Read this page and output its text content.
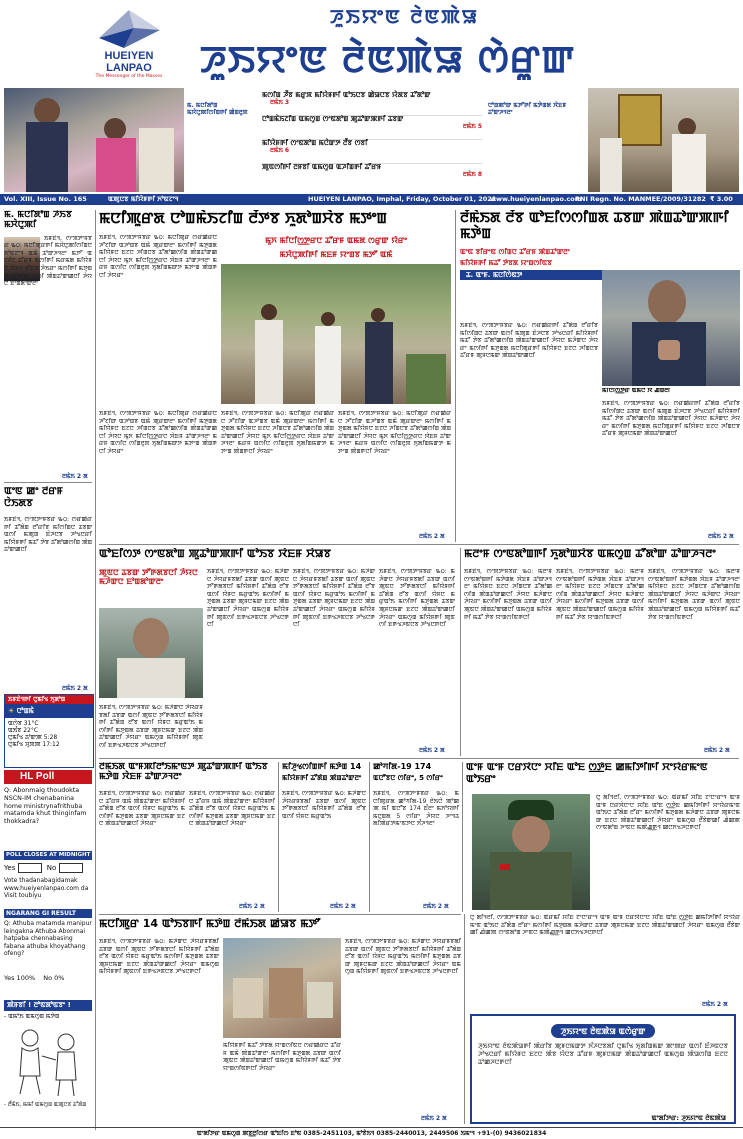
HUEIYEN LANPAO
The Messenger of the Masses
ꯍꯨꯏꯌꯦꯟ ꯂꯥꯟꯄꯥꯎ
ꯍꯨꯏꯌꯦꯟ ꯂꯥꯟꯄꯥꯎ ꯁꯥꯔꯨꯛ
ꯃ. ꯃꯅꯤꯗꯣꯡ ꯃꯆꯥꯅꯨꯄꯤꯁꯤꯡꯒꯤ ꯀꯥꯡꯂꯨꯞ
ꯃꯁꯤꯡ ꯍꯩꯕ ꯃꯔꯨꯞ ꯃꯤꯌꯥꯝꯒꯤ ꯑꯣꯏꯅꯕ ꯀꯥꯎꯅꯕ ꯌꯥꯗꯕ ꯊꯧꯗꯣꯛ
ꯂꯃꯥꯏ 3
ꯅꯣꯡꯃꯥꯏꯖꯤꯡ ꯑꯃꯁꯨꯡ ꯁꯦꯟꯗꯣꯡ ꯄꯨꯊꯣꯛꯄꯒꯤ ꯊꯕꯛ
ꯂꯃꯥꯏ 5
ꯃꯤꯌꯥꯝꯒꯤ ꯁꯦꯟꯗꯣꯡ ꯃꯅꯥꯛꯇ ꯂꯩꯕ ꯁꯕꯤ
ꯂꯃꯥꯏ 6
ꯄꯨꯟꯁꯤꯒꯤ ꯂꯝꯕꯤ ꯑꯃꯁꯨꯡ ꯑꯍꯤꯡꯒꯤ ꯊꯧꯔꯝ
ꯂꯃꯥꯏ 8
ꯅꯣꯡꯄꯣꯛ ꯃꯇꯧꯒꯤ ꯃꯇꯥꯡꯗ ꯋꯥꯐꯝ ꯊꯣꯛꯍꯜꯂꯦ
Vol. XIII, Issue No. 165	ꯑꯄꯨꯅꯕ ꯃꯤꯌꯥꯝꯒꯤ ꯈꯣꯟꯖꯦꯜ	HUEIYEN LANPAO, Imphal, Friday, October 01, 2021
www.hueiyenlanpao.com
RNI Regn. No. MANMEE/2009/31282 ₹ 3.00
ꯃ. ꯃꯅꯤꯗꯣꯡ ꯍꯥꯏꯕ ꯃꯆꯥꯅꯨꯄꯤ
ꯏꯝꯐꯥꯜ, ꯁꯦꯞꯇꯦꯝꯕꯔ ꯳꯰: ꯃꯅꯤꯄꯨꯔꯒꯤ ꯃꯆꯥꯅꯨꯄꯤꯁꯤꯡꯅ ꯈꯣꯟꯖꯦꯜ ꯑꯃꯥ ꯊꯣꯛꯍꯜꯂꯦ ꯃꯇꯧ ꯑꯁꯤꯅ ꯊꯧꯔꯝ ꯑꯁꯤꯒꯤ ꯃꯔꯃꯗ ꯃꯤꯌꯥꯝꯅ ꯋꯥꯈꯜ ꯂꯧꯅꯕ ꯍꯥꯏꯔꯦ ꯃꯁꯤꯒꯤ ꯃꯇꯨꯡꯗ ꯊꯧꯗꯣꯛ ꯑꯁꯤ ꯄꯥꯡꯊꯣꯛꯀꯅꯤ ꯍꯥꯌꯅ ꯐꯣꯡꯗꯣꯛꯂꯦ
ꯂꯃꯥꯏ 2 ꯗ
ꯑꯦꯟ ꯀꯦ ꯂꯩꯔꯝ ꯅꯥꯏꯗꯕ
ꯏꯝꯐꯥꯜ, ꯁꯦꯞꯇꯦꯝꯕꯔ ꯳꯰: ꯁꯔꯀꯥꯔꯒꯤ ꯊꯧꯗꯥꯡ ꯂꯧꯔꯤꯕ ꯃꯤꯁꯤꯡꯅ ꯊꯕꯛ ꯑꯁꯤ ꯃꯄꯨꯡ ꯐꯥꯍꯅꯕ ꯍꯣꯠꯅꯔꯤ ꯃꯤꯌꯥꯝꯒꯤ ꯃꯊꯧ ꯇꯥꯕ ꯊꯧꯗꯣꯀꯁꯤꯡ ꯄꯥꯡꯊꯣꯛꯀꯅꯤ
ꯂꯃꯥꯏ 2 ꯗ
ꯏꯝꯐꯥꯜꯒꯤ ꯅꯨꯃꯤꯠ ꯈꯨꯗꯣꯡ
☀ ꯅꯣꯡꯃꯥ
ꯑꯁꯥꯕ 31°C
ꯑꯏꯪꯕ 22°C
ꯅꯨꯃꯤꯠ ꯊꯣꯛꯄ 5:28
ꯅꯨꯃꯤꯠ ꯆꯨꯞꯄ 17:12
HL Poll
Q: Abonmaig thoudokta NSCN-IM chenabanina home ministrynafrithuba matamda khut thinginfam thokkadra?
POLL CLOSES AT MIDNIGHT
Yes	No
Vote thadanabagidamak www.hueiyenlanpao.com da Visit toubiyu
NGARANG GI RESULT
Q: Athuba matamda manipur leingakna Athuba Abonmai hatpaba chennabasing fabana athuba khoyathang ofeng?
Yes 100% No 0%
ꯄꯥꯝꯕꯤ ! ꯂꯣꯟꯗꯣꯟꯕꯦ !
- ꯑꯃꯣꯏ ꯑꯃꯁꯨꯡ ꯃꯇꯥꯡ
- ꯂꯩꯃꯥꯏ, ꯃꯃꯤ ꯑꯃꯁꯨꯡ ꯑꯄꯨꯅꯕ ꯊꯧꯗꯥꯡ
ꯃꯅꯤꯄꯨꯔꯗ ꯅꯣꯡꯃꯥꯏꯖꯤꯡ ꯂꯩꯇꯕ ꯈꯨꯗꯣꯡꯆꯥꯕ ꯃꯇꯦꯡ
ꯏꯝꯐꯥꯜ, ꯁꯦꯞꯇꯦꯝꯕꯔ ꯳꯰: ꯃꯅꯤꯄꯨꯔ ꯁꯔꯀꯥꯔꯅ ꯍꯧꯖꯤꯛ ꯑꯍꯣꯡꯕ ꯑꯃꯥ ꯄꯨꯔꯛꯂꯦ ꯃꯁꯤꯒꯤ ꯃꯇꯨꯡꯗ ꯃꯤꯌꯥꯝꯅ ꯐꯖꯅ ꯍꯤꯡꯅꯕ ꯊꯧꯗꯣꯀꯁꯤꯡ ꯄꯥꯡꯊꯣꯛꯀꯅꯤ ꯍꯥꯌꯅ ꯃꯨꯈ ꯃꯤꯅꯤꯁ꯭ꯇꯔꯅ ꯋꯥꯐꯝ ꯊꯣꯛꯍꯜꯂꯦ ꯃꯔꯝ ꯑꯁꯤꯅ ꯁꯤꯡꯂꯨꯞ ꯈꯨꯗꯤꯡꯃꯛꯇ ꯃꯇꯦꯡ ꯄꯥꯡꯒꯅꯤ ꯍꯥꯌꯔꯦ
ꯃꯨꯈ ꯃꯤꯅꯤꯁ꯭ꯇꯔꯅ ꯊꯧꯔꯝ ꯑꯃꯗ ꯁꯔꯨꯛ ꯌꯥꯔꯦ
ꯃꯆꯥꯅꯨꯄꯤꯒꯤ ꯃꯐꯝ ꯌꯦꯡꯕ ꯃꯇꯧ ꯑꯃꯥ
ꯏꯝꯐꯥꯜ, ꯁꯦꯞꯇꯦꯝꯕꯔ ꯳꯰: ꯃꯅꯤꯄꯨꯔ ꯁꯔꯀꯥꯔꯅ ꯍꯧꯖꯤꯛ ꯑꯍꯣꯡꯕ ꯑꯃꯥ ꯄꯨꯔꯛꯂꯦ ꯃꯁꯤꯒꯤ ꯃꯇꯨꯡꯗ ꯃꯤꯌꯥꯝꯅ ꯐꯖꯅ ꯍꯤꯡꯅꯕ ꯊꯧꯗꯣꯀꯁꯤꯡ ꯄꯥꯡꯊꯣꯛꯀꯅꯤ ꯍꯥꯌꯅ ꯃꯨꯈ ꯃꯤꯅꯤꯁ꯭ꯇꯔꯅ ꯋꯥꯐꯝ ꯊꯣꯛꯍꯜꯂꯦ ꯃꯔꯝ ꯑꯁꯤꯅ ꯁꯤꯡꯂꯨꯞ ꯈꯨꯗꯤꯡꯃꯛꯇ ꯃꯇꯦꯡ ꯄꯥꯡꯒꯅꯤ ꯍꯥꯌꯔꯦ
ꯏꯝꯐꯥꯜ, ꯁꯦꯞꯇꯦꯝꯕꯔ ꯳꯰: ꯃꯅꯤꯄꯨꯔ ꯁꯔꯀꯥꯔꯅ ꯍꯧꯖꯤꯛ ꯑꯍꯣꯡꯕ ꯑꯃꯥ ꯄꯨꯔꯛꯂꯦ ꯃꯁꯤꯒꯤ ꯃꯇꯨꯡꯗ ꯃꯤꯌꯥꯝꯅ ꯐꯖꯅ ꯍꯤꯡꯅꯕ ꯊꯧꯗꯣꯀꯁꯤꯡ ꯄꯥꯡꯊꯣꯛꯀꯅꯤ ꯍꯥꯌꯅ ꯃꯨꯈ ꯃꯤꯅꯤꯁ꯭ꯇꯔꯅ ꯋꯥꯐꯝ ꯊꯣꯛꯍꯜꯂꯦ ꯃꯔꯝ ꯑꯁꯤꯅ ꯁꯤꯡꯂꯨꯞ ꯈꯨꯗꯤꯡꯃꯛꯇ ꯃꯇꯦꯡ ꯄꯥꯡꯒꯅꯤ ꯍꯥꯌꯔꯦ
ꯏꯝꯐꯥꯜ, ꯁꯦꯞꯇꯦꯝꯕꯔ ꯳꯰: ꯃꯅꯤꯄꯨꯔ ꯁꯔꯀꯥꯔꯅ ꯍꯧꯖꯤꯛ ꯑꯍꯣꯡꯕ ꯑꯃꯥ ꯄꯨꯔꯛꯂꯦ ꯃꯁꯤꯒꯤ ꯃꯇꯨꯡꯗ ꯃꯤꯌꯥꯝꯅ ꯐꯖꯅ ꯍꯤꯡꯅꯕ ꯊꯧꯗꯣꯀꯁꯤꯡ ꯄꯥꯡꯊꯣꯛꯀꯅꯤ ꯍꯥꯌꯅ ꯃꯨꯈ ꯃꯤꯅꯤꯁ꯭ꯇꯔꯅ ꯋꯥꯐꯝ ꯊꯣꯛꯍꯜꯂꯦ ꯃꯔꯝ ꯑꯁꯤꯅ ꯁꯤꯡꯂꯨꯞ ꯈꯨꯗꯤꯡꯃꯛꯇ ꯃꯇꯦꯡ ꯄꯥꯡꯒꯅꯤ ꯍꯥꯌꯔꯦ
ꯂꯃꯥꯏ 2 ꯗ
ꯂꯩꯃꯥꯏꯗ ꯂꯩꯕ ꯑꯣꯐꯤꯁꯁꯤꯡꯗ ꯊꯕꯛ ꯄꯥꯡꯊꯣꯛꯄꯒꯤ ꯃꯇꯥꯡ
ꯑꯦꯟ ꯕꯤꯔꯦꯟ ꯁꯤꯡꯅ ꯊꯧꯔꯝ ꯄꯥꯡꯊꯣꯛꯂꯦ
ꯃꯤꯌꯥꯝꯒꯤ ꯃꯊꯧ ꯇꯥꯕꯗ ꯌꯦꯡꯁꯤꯟꯕ
ꯊ. ꯑꯦꯝ. ꯃꯅꯤꯁꯥꯟꯇ
ꯏꯝꯐꯥꯜ, ꯁꯦꯞꯇꯦꯝꯕꯔ ꯳꯰: ꯁꯔꯀꯥꯔꯒꯤ ꯊꯧꯗꯥꯡ ꯂꯧꯔꯤꯕ ꯃꯤꯁꯤꯡꯅ ꯊꯕꯛ ꯑꯁꯤ ꯃꯄꯨꯡ ꯐꯥꯍꯅꯕ ꯍꯣꯠꯅꯔꯤ ꯃꯤꯌꯥꯝꯒꯤ ꯃꯊꯧ ꯇꯥꯕ ꯊꯧꯗꯣꯀꯁꯤꯡ ꯄꯥꯡꯊꯣꯛꯀꯅꯤ ꯍꯥꯌꯅ ꯃꯍꯥꯛꯅ ꯍꯥꯌꯔꯦ ꯃꯁꯤꯒꯤ ꯃꯇꯨꯡꯗ ꯃꯅꯤꯄꯨꯔꯒꯤ ꯃꯤꯌꯥꯝꯅ ꯐꯖꯅ ꯍꯤꯡꯅꯕ ꯊꯧꯔꯝ ꯄꯨꯝꯅꯃꯛ ꯄꯥꯡꯊꯣꯛꯀꯅꯤ
ꯃꯤꯅꯤꯁ꯭ꯇꯔ ꯑꯃꯅ ꯋꯥ ꯉꯥꯡꯂꯤ
ꯏꯝꯐꯥꯜ, ꯁꯦꯞꯇꯦꯝꯕꯔ ꯳꯰: ꯁꯔꯀꯥꯔꯒꯤ ꯊꯧꯗꯥꯡ ꯂꯧꯔꯤꯕ ꯃꯤꯁꯤꯡꯅ ꯊꯕꯛ ꯑꯁꯤ ꯃꯄꯨꯡ ꯐꯥꯍꯅꯕ ꯍꯣꯠꯅꯔꯤ ꯃꯤꯌꯥꯝꯒꯤ ꯃꯊꯧ ꯇꯥꯕ ꯊꯧꯗꯣꯀꯁꯤꯡ ꯄꯥꯡꯊꯣꯛꯀꯅꯤ ꯍꯥꯌꯅ ꯃꯍꯥꯛꯅ ꯍꯥꯌꯔꯦ ꯃꯁꯤꯒꯤ ꯃꯇꯨꯡꯗ ꯃꯅꯤꯄꯨꯔꯒꯤ ꯃꯤꯌꯥꯝꯅ ꯐꯖꯅ ꯍꯤꯡꯅꯕ ꯊꯧꯔꯝ ꯄꯨꯝꯅꯃꯛ ꯄꯥꯡꯊꯣꯛꯀꯅꯤ
ꯂꯃꯥꯏ 2 ꯗ
ꯑꯣꯐꯤꯁꯇ ꯁꯦꯟꯗꯣꯡ ꯄꯨꯊꯣꯛꯄꯒꯤ ꯑꯣꯏꯕ ꯋꯥꯐꯝ ꯆꯥꯎꯕ
ꯄꯨꯟꯅ ꯊꯕꯛ ꯇꯧꯒꯗꯕꯅꯤ ꯍꯥꯌꯅ ꯃꯍꯥꯛꯅ ꯐꯣꯡꯗꯣꯛꯂꯦ
ꯏꯝꯐꯥꯜ, ꯁꯦꯞꯇꯦꯝꯕꯔ ꯳꯰: ꯃꯍꯥꯛꯅ ꯍꯥꯌꯔꯝꯕꯗꯤ ꯊꯕꯛ ꯑꯁꯤ ꯄꯨꯟꯅ ꯇꯧꯒꯗꯕꯅꯤ ꯃꯤꯌꯥꯝꯒꯤ ꯊꯧꯗꯥꯡ ꯂꯧꯕ ꯑꯁꯤ ꯌꯥꯝꯅ ꯃꯔꯨꯑꯣꯏ ꯃꯁꯤꯒꯤ ꯃꯇꯨꯡꯗ ꯊꯕꯛ ꯄꯨꯝꯅꯃꯛ ꯐꯖꯅ ꯄꯥꯡꯊꯣꯛꯀꯅꯤ ꯍꯥꯌꯔꯦ ꯑꯃꯁꯨꯡ ꯃꯤꯌꯥꯝꯒꯤ ꯄꯨꯟꯁꯤ ꯐꯒꯠꯍꯟꯅꯕ ꯍꯣꯠꯅꯒꯅꯤ
ꯏꯝꯐꯥꯜ, ꯁꯦꯞꯇꯦꯝꯕꯔ ꯳꯰: ꯃꯍꯥꯛꯅ ꯍꯥꯌꯔꯝꯕꯗꯤ ꯊꯕꯛ ꯑꯁꯤ ꯄꯨꯟꯅ ꯇꯧꯒꯗꯕꯅꯤ ꯃꯤꯌꯥꯝꯒꯤ ꯊꯧꯗꯥꯡ ꯂꯧꯕ ꯑꯁꯤ ꯌꯥꯝꯅ ꯃꯔꯨꯑꯣꯏ ꯃꯁꯤꯒꯤ ꯃꯇꯨꯡꯗ ꯊꯕꯛ ꯄꯨꯝꯅꯃꯛ ꯐꯖꯅ ꯄꯥꯡꯊꯣꯛꯀꯅꯤ ꯍꯥꯌꯔꯦ ꯑꯃꯁꯨꯡ ꯃꯤꯌꯥꯝꯒꯤ ꯄꯨꯟꯁꯤ ꯐꯒꯠꯍꯟꯅꯕ ꯍꯣꯠꯅꯒꯅꯤ
ꯏꯝꯐꯥꯜ, ꯁꯦꯞꯇꯦꯝꯕꯔ ꯳꯰: ꯃꯍꯥꯛꯅ ꯍꯥꯌꯔꯝꯕꯗꯤ ꯊꯕꯛ ꯑꯁꯤ ꯄꯨꯟꯅ ꯇꯧꯒꯗꯕꯅꯤ ꯃꯤꯌꯥꯝꯒꯤ ꯊꯧꯗꯥꯡ ꯂꯧꯕ ꯑꯁꯤ ꯌꯥꯝꯅ ꯃꯔꯨꯑꯣꯏ ꯃꯁꯤꯒꯤ ꯃꯇꯨꯡꯗ ꯊꯕꯛ ꯄꯨꯝꯅꯃꯛ ꯐꯖꯅ ꯄꯥꯡꯊꯣꯛꯀꯅꯤ ꯍꯥꯌꯔꯦ ꯑꯃꯁꯨꯡ ꯃꯤꯌꯥꯝꯒꯤ ꯄꯨꯟꯁꯤ ꯐꯒꯠꯍꯟꯅꯕ ꯍꯣꯠꯅꯒꯅꯤ
ꯏꯝꯐꯥꯜ, ꯁꯦꯞꯇꯦꯝꯕꯔ ꯳꯰: ꯃꯍꯥꯛꯅ ꯍꯥꯌꯔꯝꯕꯗꯤ ꯊꯕꯛ ꯑꯁꯤ ꯄꯨꯟꯅ ꯇꯧꯒꯗꯕꯅꯤ ꯃꯤꯌꯥꯝꯒꯤ ꯊꯧꯗꯥꯡ ꯂꯧꯕ ꯑꯁꯤ ꯌꯥꯝꯅ ꯃꯔꯨꯑꯣꯏ ꯃꯁꯤꯒꯤ ꯃꯇꯨꯡꯗ ꯊꯕꯛ ꯄꯨꯝꯅꯃꯛ ꯐꯖꯅ ꯄꯥꯡꯊꯣꯛꯀꯅꯤ ꯍꯥꯌꯔꯦ ꯑꯃꯁꯨꯡ ꯃꯤꯌꯥꯝꯒꯤ ꯄꯨꯟꯁꯤ ꯐꯒꯠꯍꯟꯅꯕ ꯍꯣꯠꯅꯒꯅꯤ
ꯂꯃꯥꯏ 2 ꯗ
ꯃꯂꯦꯝ ꯁꯦꯟꯗꯣꯡꯒꯤ ꯈꯨꯗꯣꯡꯆꯥꯕ ꯑꯃꯁꯨꯡ ꯊꯧꯗꯣꯛ ꯊꯣꯛꯍꯜꯂꯦ
ꯏꯝꯐꯥꯜ, ꯁꯦꯞꯇꯦꯝꯕꯔ ꯳꯰: ꯃꯂꯦꯝ ꯁꯦꯟꯗꯣꯡꯒꯤ ꯃꯇꯥꯡꯗ ꯋꯥꯐꯝ ꯊꯣꯛꯍꯜꯂꯦ ꯃꯤꯌꯥꯝꯅ ꯐꯖꯅ ꯍꯤꯡꯅꯕ ꯊꯧꯗꯣꯀꯁꯤꯡ ꯄꯥꯡꯊꯣꯛꯀꯅꯤ ꯍꯥꯌꯅ ꯃꯍꯥꯛꯅ ꯍꯥꯌꯔꯦ ꯃꯁꯤꯒꯤ ꯃꯇꯨꯡꯗ ꯊꯕꯛ ꯑꯁꯤ ꯄꯨꯟꯅ ꯄꯥꯡꯊꯣꯛꯀꯅꯤ ꯑꯃꯁꯨꯡ ꯃꯤꯌꯥꯝꯒꯤ ꯃꯊꯧ ꯇꯥꯕ ꯌꯦꯡꯁꯤꯟꯒꯅꯤ
ꯏꯝꯐꯥꯜ, ꯁꯦꯞꯇꯦꯝꯕꯔ ꯳꯰: ꯃꯂꯦꯝ ꯁꯦꯟꯗꯣꯡꯒꯤ ꯃꯇꯥꯡꯗ ꯋꯥꯐꯝ ꯊꯣꯛꯍꯜꯂꯦ ꯃꯤꯌꯥꯝꯅ ꯐꯖꯅ ꯍꯤꯡꯅꯕ ꯊꯧꯗꯣꯀꯁꯤꯡ ꯄꯥꯡꯊꯣꯛꯀꯅꯤ ꯍꯥꯌꯅ ꯃꯍꯥꯛꯅ ꯍꯥꯌꯔꯦ ꯃꯁꯤꯒꯤ ꯃꯇꯨꯡꯗ ꯊꯕꯛ ꯑꯁꯤ ꯄꯨꯟꯅ ꯄꯥꯡꯊꯣꯛꯀꯅꯤ ꯑꯃꯁꯨꯡ ꯃꯤꯌꯥꯝꯒꯤ ꯃꯊꯧ ꯇꯥꯕ ꯌꯦꯡꯁꯤꯟꯒꯅꯤ
ꯏꯝꯐꯥꯜ, ꯁꯦꯞꯇꯦꯝꯕꯔ ꯳꯰: ꯃꯂꯦꯝ ꯁꯦꯟꯗꯣꯡꯒꯤ ꯃꯇꯥꯡꯗ ꯋꯥꯐꯝ ꯊꯣꯛꯍꯜꯂꯦ ꯃꯤꯌꯥꯝꯅ ꯐꯖꯅ ꯍꯤꯡꯅꯕ ꯊꯧꯗꯣꯀꯁꯤꯡ ꯄꯥꯡꯊꯣꯛꯀꯅꯤ ꯍꯥꯌꯅ ꯃꯍꯥꯛꯅ ꯍꯥꯌꯔꯦ ꯃꯁꯤꯒꯤ ꯃꯇꯨꯡꯗ ꯊꯕꯛ ꯑꯁꯤ ꯄꯨꯟꯅ ꯄꯥꯡꯊꯣꯛꯀꯅꯤ ꯑꯃꯁꯨꯡ ꯃꯤꯌꯥꯝꯒꯤ ꯃꯊꯧ ꯇꯥꯕ ꯌꯦꯡꯁꯤꯟꯒꯅꯤ
ꯂꯃꯥꯏ 2 ꯗ
ꯂꯩꯃꯥꯏꯗ ꯑꯦꯝꯄꯤꯂꯣꯏꯃꯦꯟꯇ ꯄꯨꯊꯣꯛꯄꯒꯤ ꯑꯣꯏꯕ ꯃꯇꯥꯡ ꯋꯥꯐꯝ ꯊꯣꯛꯍꯜꯂꯦ
ꯏꯝꯐꯥꯜ, ꯁꯦꯞꯇꯦꯝꯕꯔ ꯳꯰: ꯁꯔꯀꯥꯔꯅ ꯊꯧꯔꯝ ꯑꯃꯥ ꯄꯥꯡꯊꯣꯛꯂꯦ ꯃꯤꯌꯥꯝꯒꯤ ꯊꯧꯗꯥꯡ ꯂꯧꯕ ꯑꯁꯤ ꯌꯥꯝꯅ ꯃꯔꯨꯑꯣꯏ ꯃꯁꯤꯒꯤ ꯃꯇꯨꯡꯗ ꯊꯕꯛ ꯄꯨꯝꯅꯃꯛ ꯐꯖꯅ ꯄꯥꯡꯊꯣꯛꯀꯅꯤ ꯍꯥꯌꯔꯦ
ꯏꯝꯐꯥꯜ, ꯁꯦꯞꯇꯦꯝꯕꯔ ꯳꯰: ꯁꯔꯀꯥꯔꯅ ꯊꯧꯔꯝ ꯑꯃꯥ ꯄꯥꯡꯊꯣꯛꯂꯦ ꯃꯤꯌꯥꯝꯒꯤ ꯊꯧꯗꯥꯡ ꯂꯧꯕ ꯑꯁꯤ ꯌꯥꯝꯅ ꯃꯔꯨꯑꯣꯏ ꯃꯁꯤꯒꯤ ꯃꯇꯨꯡꯗ ꯊꯕꯛ ꯄꯨꯝꯅꯃꯛ ꯐꯖꯅ ꯄꯥꯡꯊꯣꯛꯀꯅꯤ ꯍꯥꯌꯔꯦ
ꯂꯃꯥꯏ 2 ꯗ
ꯃꯤꯍꯨꯠꯁꯤꯡꯒꯤ ꯃꯇꯥꯡ 14
ꯃꯤꯌꯥꯝꯒꯤ ꯊꯧꯗꯥꯡ ꯄꯥꯡꯊꯣꯛꯂꯦ
ꯏꯝꯐꯥꯜ, ꯁꯦꯞꯇꯦꯝꯕꯔ ꯳꯰: ꯃꯍꯥꯛꯅ ꯍꯥꯌꯔꯝꯕꯗꯤ ꯊꯕꯛ ꯑꯁꯤ ꯄꯨꯟꯅ ꯇꯧꯒꯗꯕꯅꯤ ꯃꯤꯌꯥꯝꯒꯤ ꯊꯧꯗꯥꯡ ꯂꯧꯕ ꯑꯁꯤ ꯌꯥꯝꯅ ꯃꯔꯨꯑꯣꯏ
ꯂꯃꯥꯏ 2 ꯗ
ꯀꯣꯚꯤꯗ-19 174
ꯑꯅꯧꯕꯅ ꯁꯤꯔꯦ, 5 ꯁꯤꯔꯦ
ꯏꯝꯐꯥꯜ, ꯁꯦꯞꯇꯦꯝꯕꯔ ꯳꯰: ꯃꯅꯤꯄꯨꯔꯗ ꯀꯣꯚꯤꯗ-19 ꯂꯥꯏꯅꯥ ꯄꯣꯀꯄ ꯃꯤ ꯑꯅꯧꯕ 174 ꯐꯪꯂꯦ ꯃꯈꯣꯌꯒꯤ ꯃꯅꯨꯡꯗ 5 ꯁꯤꯔꯦ ꯍꯥꯌꯅ ꯍꯦꯜꯊ ꯗꯤꯄꯥꯔꯇꯃꯦꯟꯇꯅ ꯈꯪꯍꯜꯂꯦ
ꯂꯃꯥꯏ 2 ꯗ
ꯑꯦꯝ ꯑꯦꯝ ꯅꯔꯋꯥꯅꯦ ꯆꯤꯐ ꯑꯣꯐ ꯁ꯭ꯇꯥꯐ ꯀꯃꯤꯇꯤꯒꯤ ꯆꯦꯌꯥꯔꯃꯦꯟ ꯑꯣꯏꯔꯦ
ꯅꯨ ꯗꯤꯜꯂꯤ, ꯁꯦꯞꯇꯦꯝꯕꯔ ꯳꯰: ꯑꯥꯔꯃꯤ ꯆꯤꯐ ꯖꯦꯅꯦꯔꯦꯜ ꯑꯦꯝ ꯑꯦꯝ ꯅꯔꯋꯥꯅꯦꯅ ꯆꯤꯐ ꯑꯣꯐ ꯁ꯭ꯇꯥꯐ ꯀꯃꯤꯇꯤꯒꯤ ꯆꯦꯌꯥꯔꯃꯦꯟ ꯑꯣꯏꯅ ꯊꯧꯗꯥꯡ ꯂꯧꯔꯦ ꯃꯁꯤꯒꯤ ꯃꯇꯨꯡꯗ ꯃꯍꯥꯛꯅ ꯊꯕꯛ ꯄꯨꯝꯅꯃꯛ ꯐꯖꯅ ꯄꯥꯡꯊꯣꯛꯀꯅꯤ ꯍꯥꯌꯔꯦ ꯑꯃꯁꯨꯡ ꯂꯩꯕꯥꯛꯀꯤ ꯉꯥꯀꯄ ꯁꯦꯟꯗꯣꯡ ꯍꯦꯟꯅ ꯃꯄꯥꯉ꯭ꯒꯜ ꯀꯅꯈꯠꯍꯅꯒꯅꯤ
ꯃꯅꯤꯄꯨꯔ 14 ꯑꯣꯏꯕꯒꯤ ꯃꯇꯥꯡ ꯂꯩꯃꯥꯏꯗ ꯀꯥꯎꯕ ꯃꯇꯧ
ꯏꯝꯐꯥꯜ, ꯁꯦꯞꯇꯦꯝꯕꯔ ꯳꯰: ꯃꯍꯥꯛꯅ ꯍꯥꯌꯔꯝꯕꯗꯤ ꯊꯕꯛ ꯑꯁꯤ ꯄꯨꯟꯅ ꯇꯧꯒꯗꯕꯅꯤ ꯃꯤꯌꯥꯝꯒꯤ ꯊꯧꯗꯥꯡ ꯂꯧꯕ ꯑꯁꯤ ꯌꯥꯝꯅ ꯃꯔꯨꯑꯣꯏ ꯃꯁꯤꯒꯤ ꯃꯇꯨꯡꯗ ꯊꯕꯛ ꯄꯨꯝꯅꯃꯛ ꯐꯖꯅ ꯄꯥꯡꯊꯣꯛꯀꯅꯤ ꯍꯥꯌꯔꯦ ꯑꯃꯁꯨꯡ ꯃꯤꯌꯥꯝꯒꯤ ꯄꯨꯟꯁꯤ ꯐꯒꯠꯍꯟꯅꯕ ꯍꯣꯠꯅꯒꯅꯤ
ꯃꯤꯌꯥꯝꯒꯤ ꯃꯊꯧ ꯇꯥꯕꯗ ꯌꯦꯡꯁꯤꯟꯅ ꯁꯔꯀꯥꯔꯅ ꯊꯧꯔꯝ ꯑꯃꯥ ꯄꯥꯡꯊꯣꯛꯂꯦ ꯃꯁꯤꯒꯤ ꯃꯇꯨꯡꯗ ꯊꯕꯛ ꯑꯁꯤ ꯄꯨꯟꯅ ꯄꯥꯡꯊꯣꯛꯀꯅꯤ ꯑꯃꯁꯨꯡ ꯃꯤꯌꯥꯝꯒꯤ ꯃꯊꯧ ꯇꯥꯕ ꯌꯦꯡꯁꯤꯟꯒꯅꯤ ꯍꯥꯌꯔꯦ
ꯏꯝꯐꯥꯜ, ꯁꯦꯞꯇꯦꯝꯕꯔ ꯳꯰: ꯃꯍꯥꯛꯅ ꯍꯥꯌꯔꯝꯕꯗꯤ ꯊꯕꯛ ꯑꯁꯤ ꯄꯨꯟꯅ ꯇꯧꯒꯗꯕꯅꯤ ꯃꯤꯌꯥꯝꯒꯤ ꯊꯧꯗꯥꯡ ꯂꯧꯕ ꯑꯁꯤ ꯌꯥꯝꯅ ꯃꯔꯨꯑꯣꯏ ꯃꯁꯤꯒꯤ ꯃꯇꯨꯡꯗ ꯊꯕꯛ ꯄꯨꯝꯅꯃꯛ ꯐꯖꯅ ꯄꯥꯡꯊꯣꯛꯀꯅꯤ ꯍꯥꯌꯔꯦ ꯑꯃꯁꯨꯡ ꯃꯤꯌꯥꯝꯒꯤ ꯄꯨꯟꯁꯤ ꯐꯒꯠꯍꯟꯅꯕ ꯍꯣꯠꯅꯒꯅꯤ
ꯂꯃꯥꯏ 2 ꯗ
ꯅꯨ ꯗꯤꯜꯂꯤ, ꯁꯦꯞꯇꯦꯝꯕꯔ ꯳꯰: ꯑꯥꯔꯃꯤ ꯆꯤꯐ ꯖꯦꯅꯦꯔꯦꯜ ꯑꯦꯝ ꯑꯦꯝ ꯅꯔꯋꯥꯅꯦꯅ ꯆꯤꯐ ꯑꯣꯐ ꯁ꯭ꯇꯥꯐ ꯀꯃꯤꯇꯤꯒꯤ ꯆꯦꯌꯥꯔꯃꯦꯟ ꯑꯣꯏꯅ ꯊꯧꯗꯥꯡ ꯂꯧꯔꯦ ꯃꯁꯤꯒꯤ ꯃꯇꯨꯡꯗ ꯃꯍꯥꯛꯅ ꯊꯕꯛ ꯄꯨꯝꯅꯃꯛ ꯐꯖꯅ ꯄꯥꯡꯊꯣꯛꯀꯅꯤ ꯍꯥꯌꯔꯦ ꯑꯃꯁꯨꯡ ꯂꯩꯕꯥꯛꯀꯤ ꯉꯥꯀꯄ ꯁꯦꯟꯗꯣꯡ ꯍꯦꯟꯅ ꯃꯄꯥꯉ꯭ꯒꯜ ꯀꯅꯈꯠꯍꯅꯒꯅꯤ
ꯂꯃꯥꯏ 2 ꯗ
ꯍꯨꯏꯌꯦꯟ ꯂꯥꯟꯄꯥꯎ ꯑꯁꯥꯔꯨꯛ
ꯍꯨꯏꯌꯦꯟ ꯂꯥꯟꯄꯥꯎꯒꯤ ꯄꯥꯔꯤꯕ ꯄꯨꯝꯅꯃꯛꯇ ꯈꯪꯍꯅꯕꯗꯤ ꯅꯨꯃꯤꯠ ꯈꯨꯗꯤꯡꯃꯛ ꯄꯦꯄꯔ ꯑꯁꯤ ꯐꯪꯍꯟꯅꯕ ꯍꯣꯠꯅꯔꯤ ꯃꯤꯌꯥꯝꯅ ꯐꯖꯅ ꯄꯥꯕ ꯌꯥꯅꯕ ꯊꯧꯔꯝ ꯄꯨꯝꯅꯃꯛ ꯄꯥꯡꯊꯣꯛꯀꯅꯤ ꯑꯃꯁꯨꯡ ꯄꯥꯎꯁꯤꯡ ꯐꯖꯅ ꯊꯣꯀꯍꯅꯒꯅꯤ
ꯑꯦꯗꯤꯇꯔ: ꯍꯨꯏꯌꯦꯟ ꯂꯥꯟꯄꯥꯎ
ꯑꯦꯗꯤꯇꯔ ꯑꯃꯁꯨꯡ ꯄꯕ꯭ꯂꯤꯁꯔ ꯑꯣꯐꯤꯁ ꯐꯣꯟ 0385-2451103, ꯃꯣꯕꯥꯏꯜ 0385-2440013, 2449506 ꯏꯃꯦꯜ +91-(0) 9436021834
